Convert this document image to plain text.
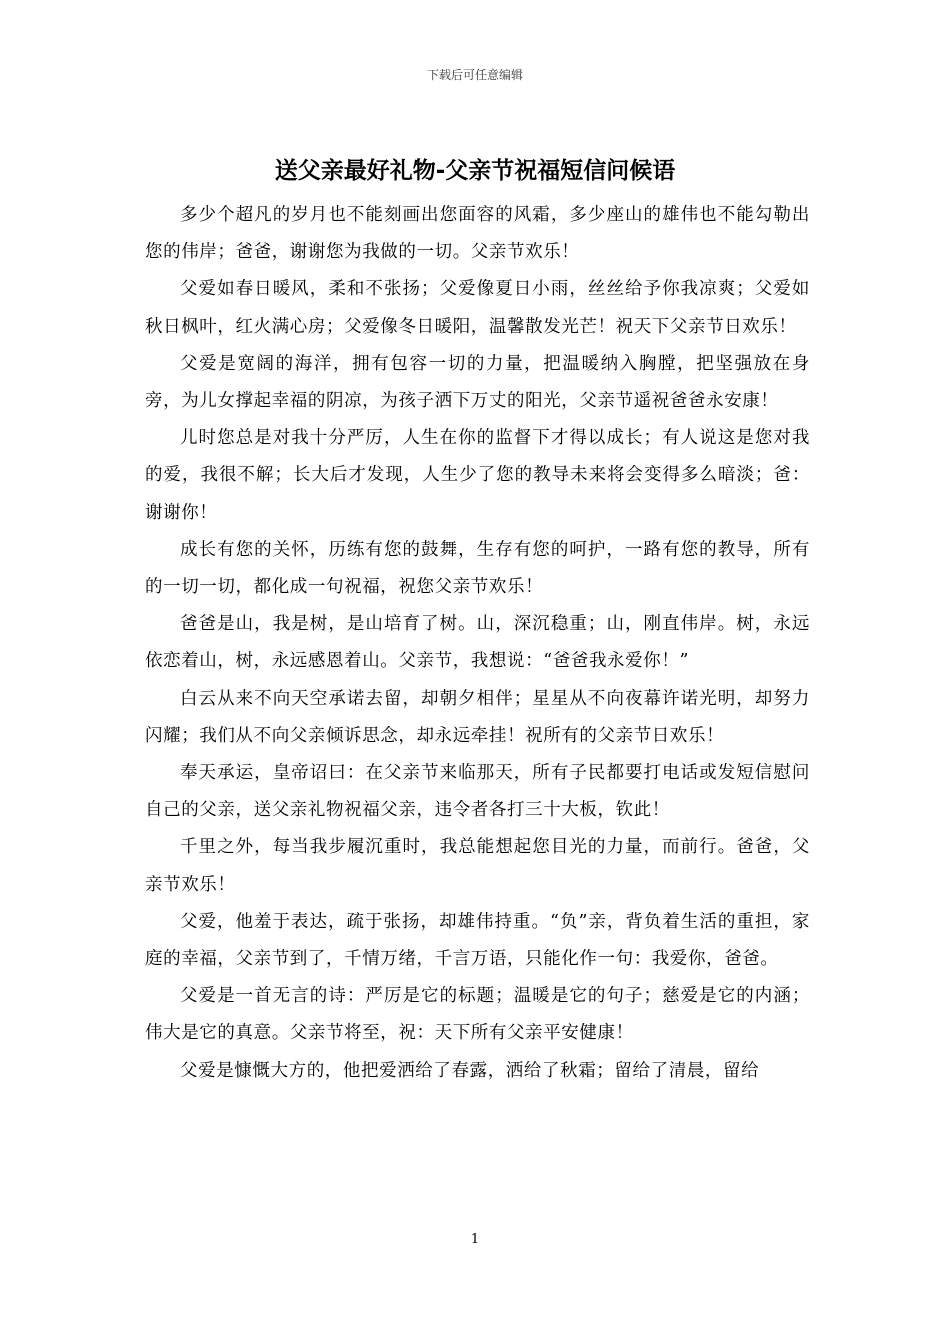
下载后可任意编辑
送父亲最好礼物-父亲节祝福短信问候语

多少个超凡的岁月也不能刻画出您面容的风霜，多少座山的雄伟也不能勾勒出您的伟岸；爸爸，谢谢您为我做的一切。父亲节欢乐！

父爱如春日暖风，柔和不张扬；父爱像夏日小雨，丝丝给予你我凉爽；父爱如秋日枫叶，红火满心房；父爱像冬日暖阳，温馨散发光芒！祝天下父亲节日欢乐！

父爱是宽阔的海洋，拥有包容一切的力量，把温暖纳入胸膛，把坚强放在身旁，为儿女撑起幸福的阴凉，为孩子洒下万丈的阳光，父亲节遥祝爸爸永安康！

儿时您总是对我十分严厉，人生在你的监督下才得以成长；有人说这是您对我的爱，我很不解；长大后才发现，人生少了您的教导未来将会变得多么暗淡；爸：谢谢你！

成长有您的关怀，历练有您的鼓舞，生存有您的呵护，一路有您的教导，所有的一切一切，都化成一句祝福，祝您父亲节欢乐！

爸爸是山，我是树，是山培育了树。山，深沉稳重；山，刚直伟岸。树，永远依恋着山，树，永远感恩着山。父亲节，我想说：“爸爸我永爱你！”

白云从来不向天空承诺去留，却朝夕相伴；星星从不向夜幕许诺光明，却努力闪耀；我们从不向父亲倾诉思念，却永远牵挂！祝所有的父亲节日欢乐！

奉天承运，皇帝诏曰：在父亲节来临那天，所有子民都要打电话或发短信慰问自己的父亲，送父亲礼物祝福父亲，违令者各打三十大板，钦此！

千里之外，每当我步履沉重时，我总能想起您目光的力量，而前行。爸爸，父亲节欢乐！

父爱，他羞于表达，疏于张扬，却雄伟持重。“负”亲，背负着生活的重担，家庭的幸福，父亲节到了，千情万绪，千言万语，只能化作一句：我爱你，爸爸。

父爱是一首无言的诗：严厉是它的标题；温暖是它的句子；慈爱是它的内涵；伟大是它的真意。父亲节将至，祝：天下所有父亲平安健康！

父爱是慷慨大方的，他把爱洒给了春露，洒给了秋霜；留给了清晨，留给

1
